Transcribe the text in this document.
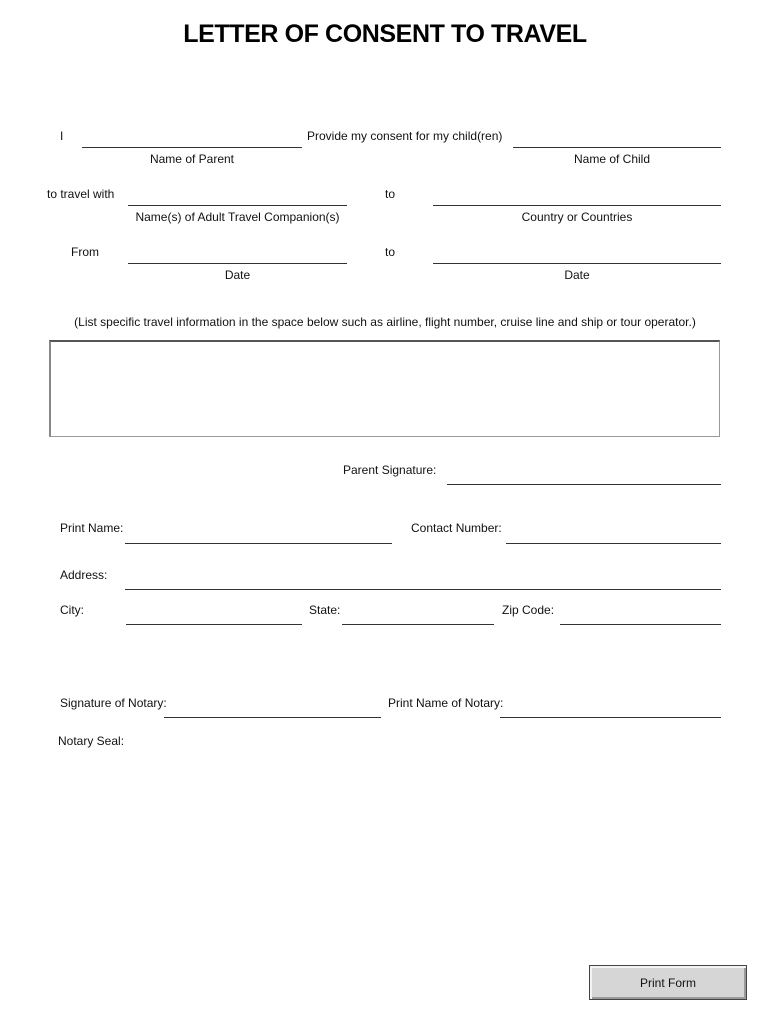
LETTER OF CONSENT TO TRAVEL
I	Provide my consent for my child(ren)
Name of Parent	Name of Child
to travel with	to
Name(s) of Adult Travel Companion(s)	Country or Countries
From	to
Date	Date
(List specific travel information in the space below such as airline, flight number, cruise line and ship or tour operator.)
Parent Signature:
Print Name:	Contact Number:
Address:
City:	State:	Zip Code:
Signature of Notary:	Print Name of Notary:
Notary Seal:
Print Form
